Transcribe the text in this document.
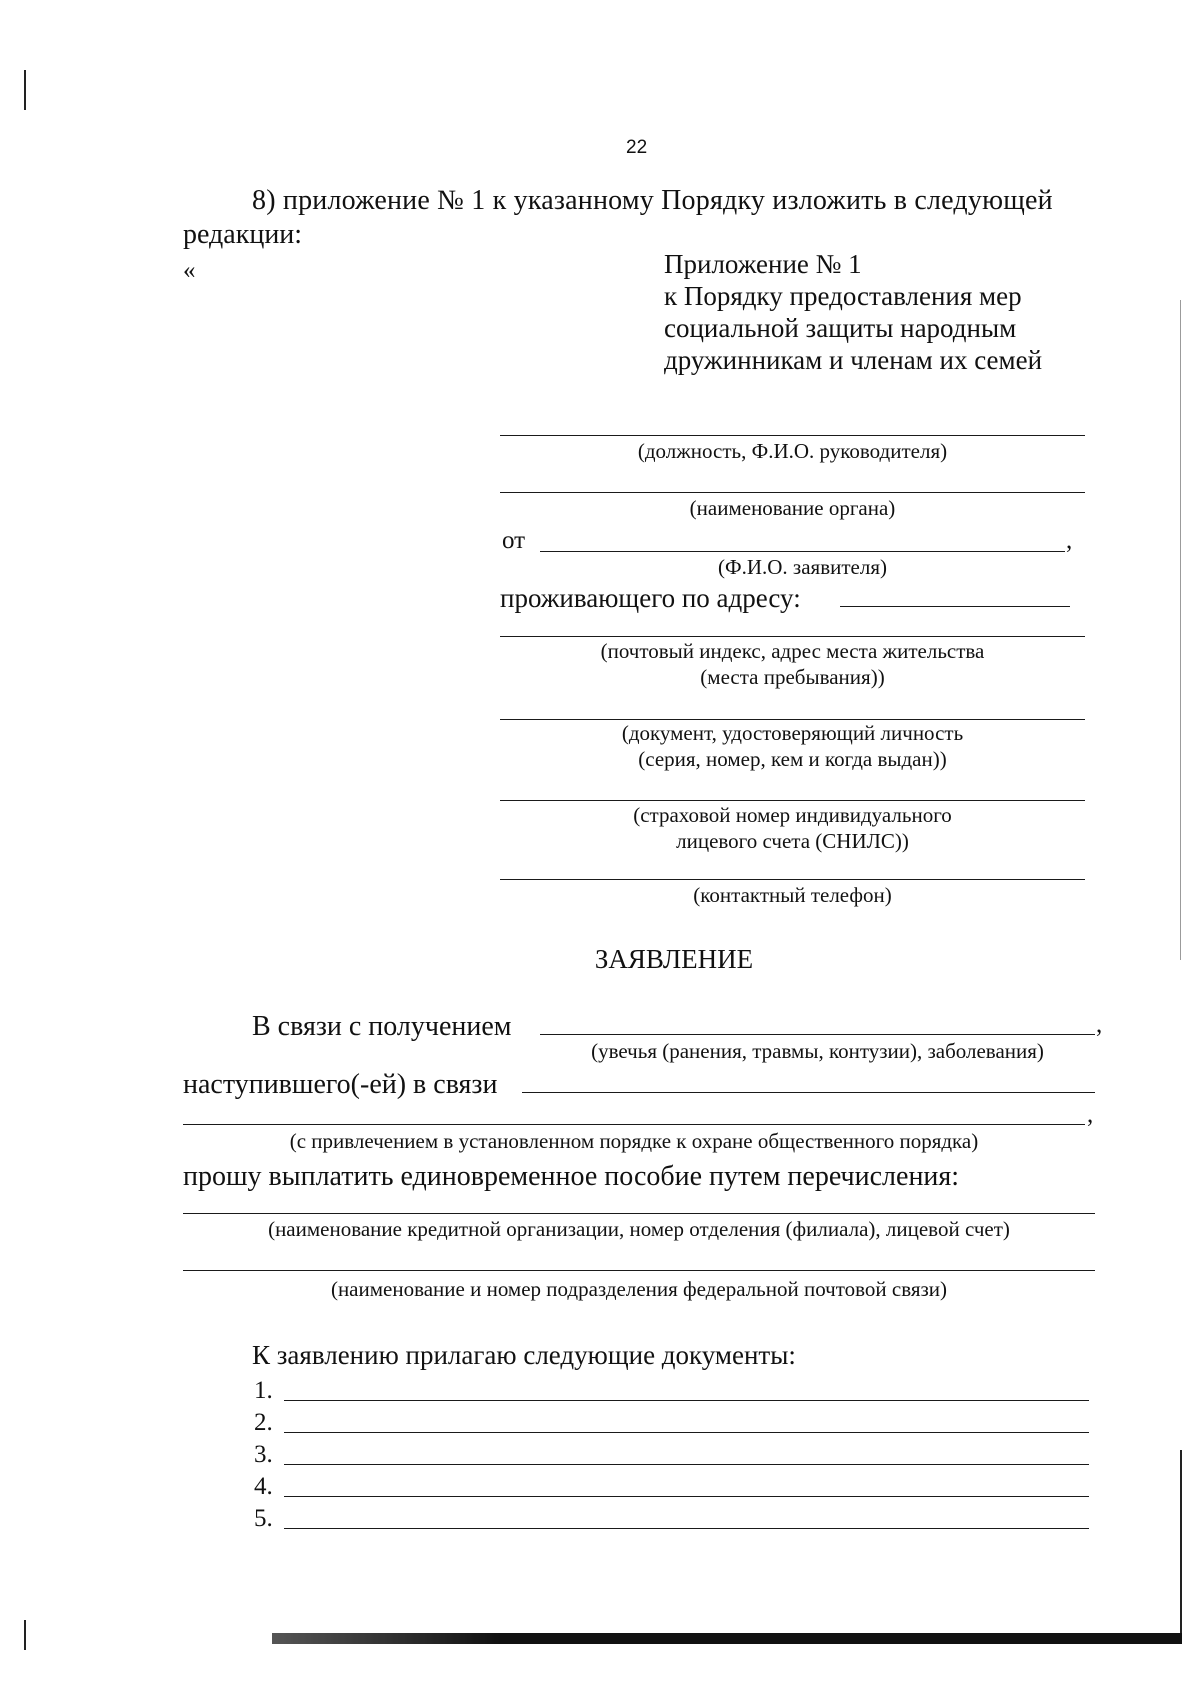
22
8) приложение № 1 к указанному Порядку изложить в следующей
редакции:
«	Приложение № 1
к Порядку предоставления мер
социальной защиты народным
дружинникам и членам их семей
(должность, Ф.И.О. руководителя)
(наименование органа)
от	,
(Ф.И.О. заявителя)
проживающего по адресу:
(почтовый индекс, адрес места жительства
(места пребывания))
(документ, удостоверяющий личность
(серия, номер, кем и когда выдан))
(страховой номер индивидуального
лицевого счета (СНИЛС))
(контактный телефон)
ЗАЯВЛЕНИЕ
В связи с получением	,
(увечья (ранения, травмы, контузии), заболевания)
наступившего(-ей) в связи
,
(с привлечением в установленном порядке к охране общественного порядка)
прошу выплатить единовременное пособие путем перечисления:
(наименование кредитной организации, номер отделения (филиала), лицевой счет)
(наименование и номер подразделения федеральной почтовой связи)
К заявлению прилагаю следующие документы:
1.
2.
3.
4.
5.
